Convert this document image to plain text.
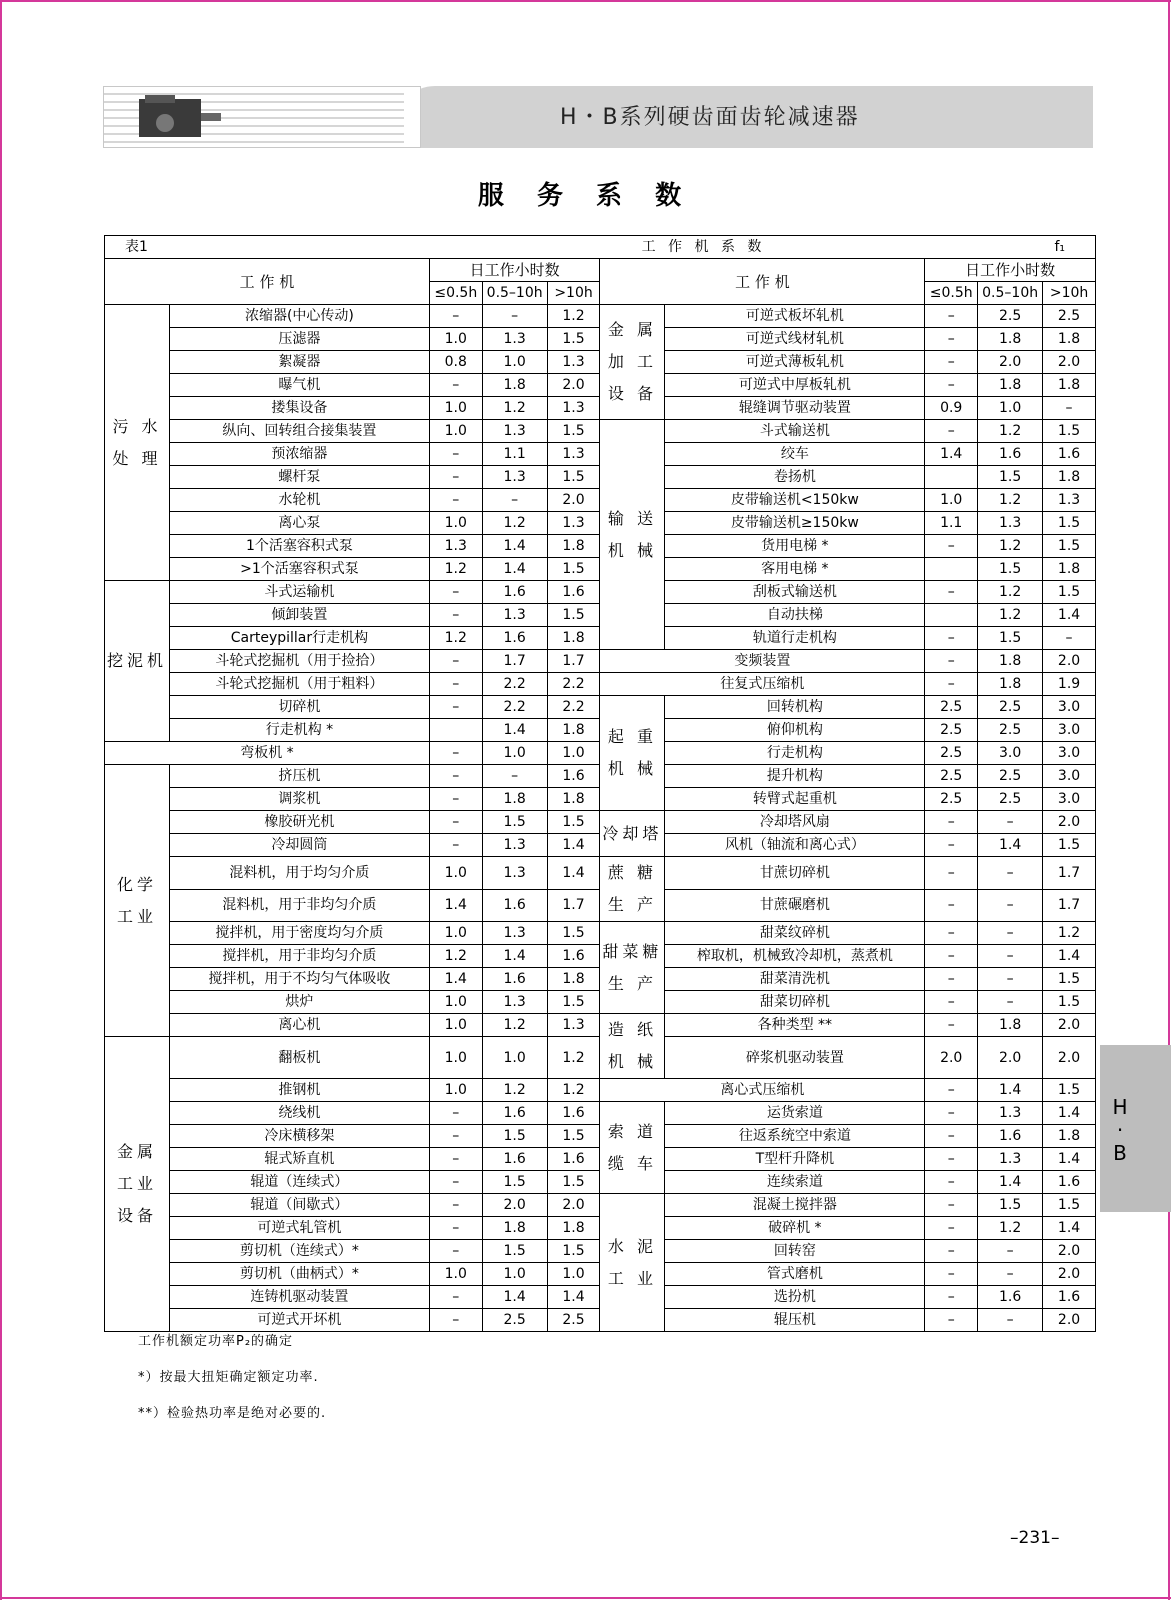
H・B系列硬齿面齿轮减速器
服 务 系 数
表1		工 作 机 系 数						f₁	
工 作 机		日工作小时数			工 作 机		日工作小时数		
		≤0.5h	0.5–10h	>10h			≤0.5h	0.5–10h	>10h
污 水 处 理	浓缩器(中心传动)	–	–	1.2	金 属 加 工 设 备	可逆式板坏轧机	–	2.5	2.5
	压滤器	1.0	1.3	1.5		可逆式线材轧机	–	1.8	1.8
	絮凝器	0.8	1.0	1.3		可逆式薄板轧机	–	2.0	2.0
	曝气机	–	1.8	2.0		可逆式中厚板轧机	–	1.8	1.8
	搂集设备	1.0	1.2	1.3		辊缝调节驱动装置	0.9	1.0	–
	纵向、回转组合接集装置	1.0	1.3	1.5	输 送 机 械	斗式输送机	–	1.2	1.5
	预浓缩器	–	1.1	1.3		绞车	1.4	1.6	1.6
	螺杆泵	–	1.3	1.5		卷扬机		1.5	1.8
	水轮机	–	–	2.0		皮带输送机<150kw	1.0	1.2	1.3
	离心泵	1.0	1.2	1.3		皮带输送机≥150kw	1.1	1.3	1.5
	1个活塞容积式泵	1.3	1.4	1.8		货用电梯 *	–	1.2	1.5
	>1个活塞容积式泵	1.2	1.4	1.5		客用电梯 *		1.5	1.8
挖泥机	斗式运输机	–	1.6	1.6		刮板式输送机	–	1.2	1.5
	倾卸装置	–	1.3	1.5		自动扶梯		1.2	1.4
	Carteypillar行走机构	1.2	1.6	1.8		轨道行走机构	–	1.5	–
	斗轮式挖掘机（用于捡拾）	–	1.7	1.7	变频装置		–	1.8	2.0
	斗轮式挖掘机（用于粗料）	–	2.2	2.2	往复式压缩机		–	1.8	1.9
	切碎机	–	2.2	2.2	起 重 机 械	回转机构	2.5	2.5	3.0
	行走机构 *		1.4	1.8		俯仰机构	2.5	2.5	3.0
弯板机 *		–	1.0	1.0		行走机构	2.5	3.0	3.0
化学 工业	挤压机	–	–	1.6		提升机构	2.5	2.5	3.0
	调浆机	–	1.8	1.8		转臂式起重机	2.5	2.5	3.0
	橡胶研光机	–	1.5	1.5	冷却塔	冷却塔风扇	–	–	2.0
	冷却圆筒	–	1.3	1.4		风机（轴流和离心式）	–	1.4	1.5
	混料机，用于均匀介质	1.0	1.3	1.4	蔗 糖 生 产	甘蔗切碎机	–	–	1.7
	混料机，用于非均匀介质	1.4	1.6	1.7		甘蔗碾磨机	–	–	1.7
	搅拌机，用于密度均匀介质	1.0	1.3	1.5	甜菜糖 生 产	甜菜纹碎机	–	–	1.2
	搅拌机，用于非均匀介质	1.2	1.4	1.6		榨取机，机械致冷却机，蒸煮机	–	–	1.4
	搅拌机，用于不均匀气体吸收	1.4	1.6	1.8		甜菜清洗机	–	–	1.5
	烘炉	1.0	1.3	1.5		甜菜切碎机	–	–	1.5
	离心机	1.0	1.2	1.3	造 纸 机 械	各种类型 **	–	1.8	2.0
金属 工业 设备	翻板机	1.0	1.0	1.2		碎浆机驱动装置	2.0	2.0	2.0
	推钢机	1.0	1.2	1.2	离心式压缩机		–	1.4	1.5
	绕线机	–	1.6	1.6	索 道 缆 车	运货索道	–	1.3	1.4
	冷床横移架	–	1.5	1.5		往返系统空中索道	–	1.6	1.8
	辊式矫直机	–	1.6	1.6		T型杆升降机	–	1.3	1.4
	辊道（连续式）	–	1.5	1.5		连续索道	–	1.4	1.6
	辊道（间歇式）	–	2.0	2.0	水 泥 工 业	混凝土搅拌器	–	1.5	1.5
	可逆式轧管机	–	1.8	1.8		破碎机 *	–	1.2	1.4
	剪切机（连续式）*	–	1.5	1.5		回转窑	–	–	2.0
	剪切机（曲柄式）*	1.0	1.0	1.0		管式磨机	–	–	2.0
	连铸机驱动装置	–	1.4	1.4		选扮机	–	1.6	1.6
	可逆式开坏机	–	2.5	2.5		辊压机	–	–	2.0
工作机额定功率P₂的确定
*）按最大扭矩确定额定功率.
**）检验热功率是绝对必要的.
H
·
B
–231–
